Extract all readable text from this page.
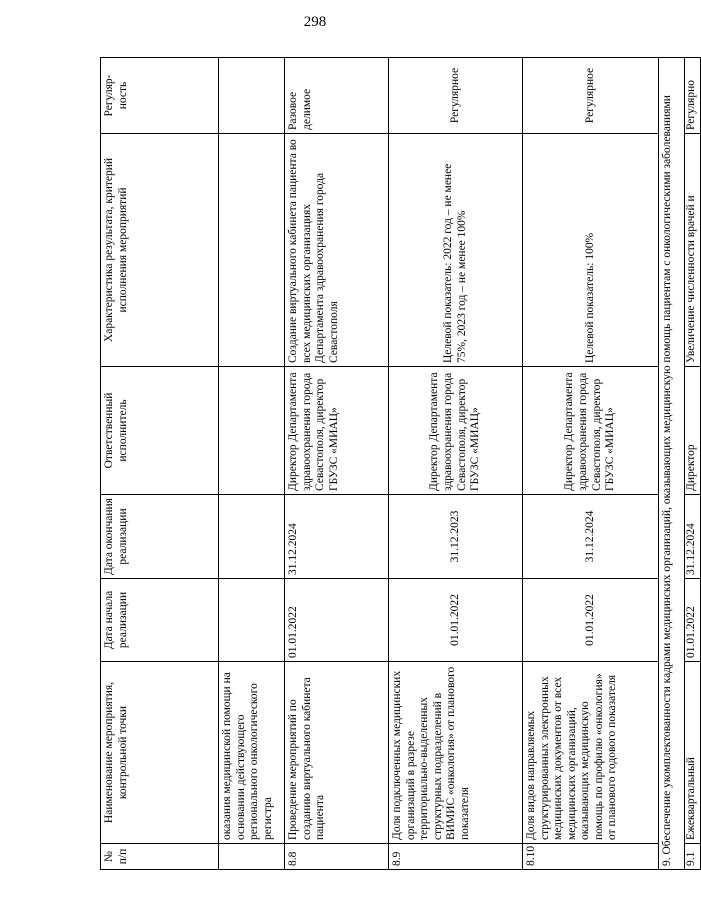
298
№ п/п	Наименование мероприятия, контрольной точки	Дата начала реализации	Дата окончания реализации	Ответственный исполнитель	Характеристика результата, критерий исполнения мероприятий	Регуляр-ность
	оказания медицинской помощи на основании действующего регионального онкологического регистра					
8.8	Проведение мероприятий по созданию виртуального кабинета пациента	01.01.2022	31.12.2024	Директор Департамента здравоохранения города Севастополя, директор ГБУЗС «МИАЦ»	Создание виртуального кабинета пациента во всех медицинских организациях Департамента здравоохранения города Севастополя	Разовое делимое
8.9	Доля подключенных медицинских организаций в разрезе территориально-выделенных структурных подразделений в ВИМИС «онкология» от планового показателя	01.01.2022	31.12.2023	Директор Департамента здравоохранения города Севастополя, директор ГБУЗС «МИАЦ»	Целевой показатель: 2022 год – не менее 75%, 2023 год – не менее 100%	Регулярное
8.10	Доля видов направляемых структурированных электронных медицинских документов от всех медицинских организаций, оказывающих медицинскую помощь по профилю «онкология» от планового годового показателя	01.01.2022	31.12.2024	Директор Департамента здравоохранения города Севастополя, директор ГБУЗС «МИАЦ»	Целевой показатель: 100%	Регулярное
9. Обеспечение укомплектованности кадрами медицинских организаций, оказывающих медицинскую помощь пациентам с онкологическими заболеваниями						
9.1	Ежеквартальный	01.01.2022	31.12.2024	Директор	Увеличение численности врачей и	Регулярно
